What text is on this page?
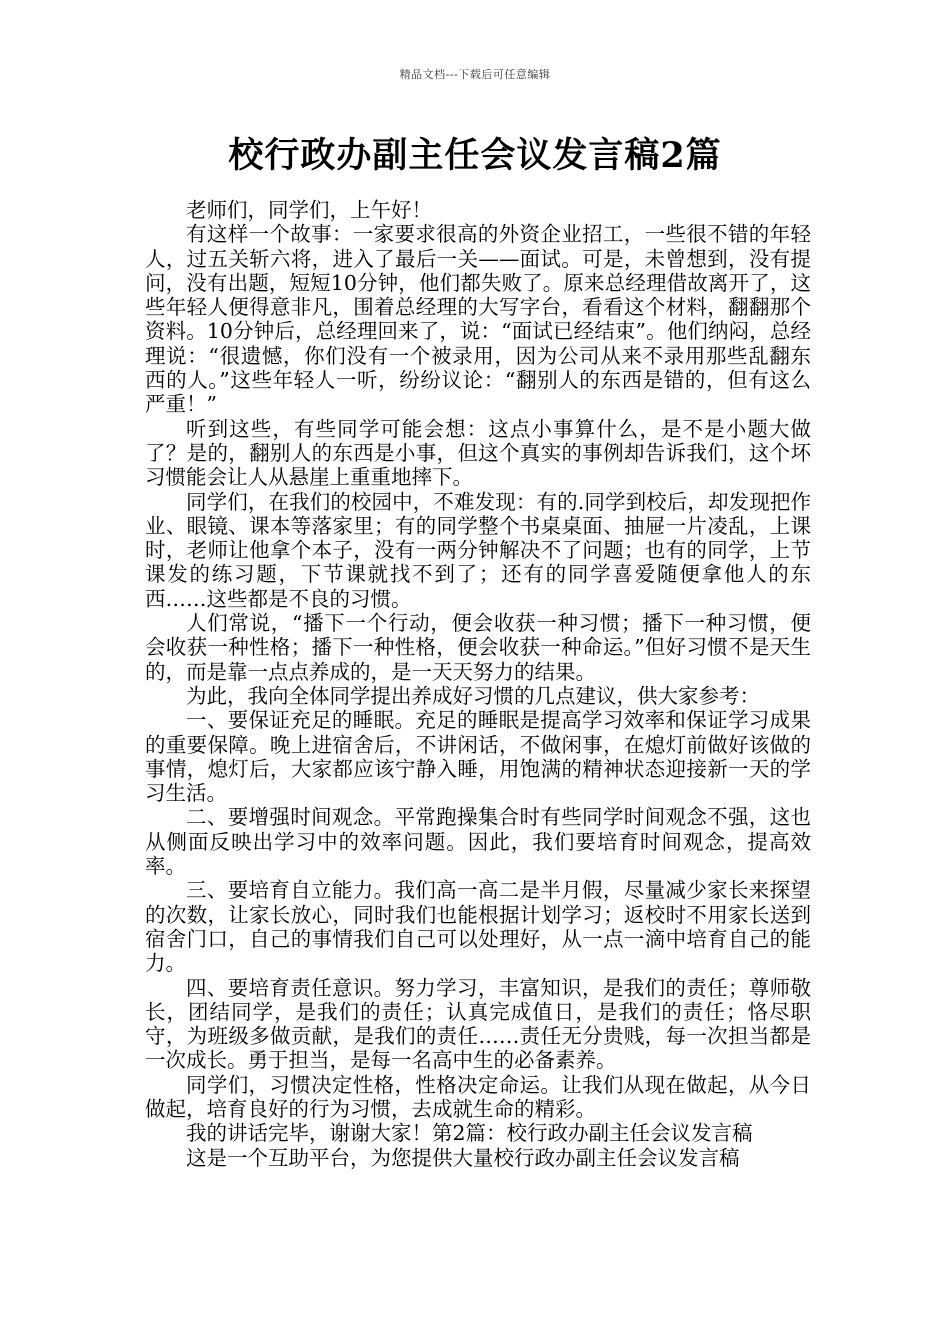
精品文档---下载后可任意编辑
校行政办副主任会议发言稿2篇

老师们，同学们，上午好！

有这样一个故事：一家要求很高的外资企业招工，一些很不错的年轻人，过五关斩六将，进入了最后一关——面试。可是，未曾想到，没有提问，没有出题，短短10分钟，他们都失败了。原来总经理借故离开了，这些年轻人便得意非凡，围着总经理的大写字台，看看这个材料，翻翻那个资料。10分钟后，总经理回来了，说：“面试已经结束”。他们纳闷，总经理说：“很遗憾，你们没有一个被录用，因为公司从来不录用那些乱翻东西的人。”这些年轻人一听，纷纷议论：“翻别人的东西是错的，但有这么严重！”

听到这些，有些同学可能会想：这点小事算什么，是不是小题大做了？是的，翻别人的东西是小事，但这个真实的事例却告诉我们，这个坏习惯能会让人从悬崖上重重地摔下。

同学们，在我们的校园中，不难发现：有的.同学到校后，却发现把作业、眼镜、课本等落家里；有的同学整个书桌桌面、抽屉一片凌乱，上课时，老师让他拿个本子，没有一两分钟解决不了问题；也有的同学，上节课发的练习题，下节课就找不到了；还有的同学喜爱随便拿他人的东西……这些都是不良的习惯。

人们常说，“播下一个行动，便会收获一种习惯；播下一种习惯，便会收获一种性格；播下一种性格，便会收获一种命运。”但好习惯不是天生的，而是靠一点点养成的，是一天天努力的结果。

为此，我向全体同学提出养成好习惯的几点建议，供大家参考：

一、要保证充足的睡眠。充足的睡眠是提高学习效率和保证学习成果的重要保障。晚上进宿舍后，不讲闲话，不做闲事，在熄灯前做好该做的事情，熄灯后，大家都应该宁静入睡，用饱满的精神状态迎接新一天的学习生活。

二、要增强时间观念。平常跑操集合时有些同学时间观念不强，这也从侧面反映出学习中的效率问题。因此，我们要培育时间观念，提高效率。

三、要培育自立能力。我们高一高二是半月假，尽量减少家长来探望的次数，让家长放心，同时我们也能根据计划学习；返校时不用家长送到宿舍门口，自己的事情我们自己可以处理好，从一点一滴中培育自己的能力。

四、要培育责任意识。努力学习，丰富知识，是我们的责任；尊师敬长，团结同学，是我们的责任；认真完成值日，是我们的责任；恪尽职守，为班级多做贡献，是我们的责任……责任无分贵贱，每一次担当都是一次成长。勇于担当，是每一名高中生的必备素养。

同学们，习惯决定性格，性格决定命运。让我们从现在做起，从今日做起，培育良好的行为习惯，去成就生命的精彩。

我的讲话完毕，谢谢大家！第2篇：校行政办副主任会议发言稿

这是一个互助平台，为您提供大量校行政办副主任会议发言稿
